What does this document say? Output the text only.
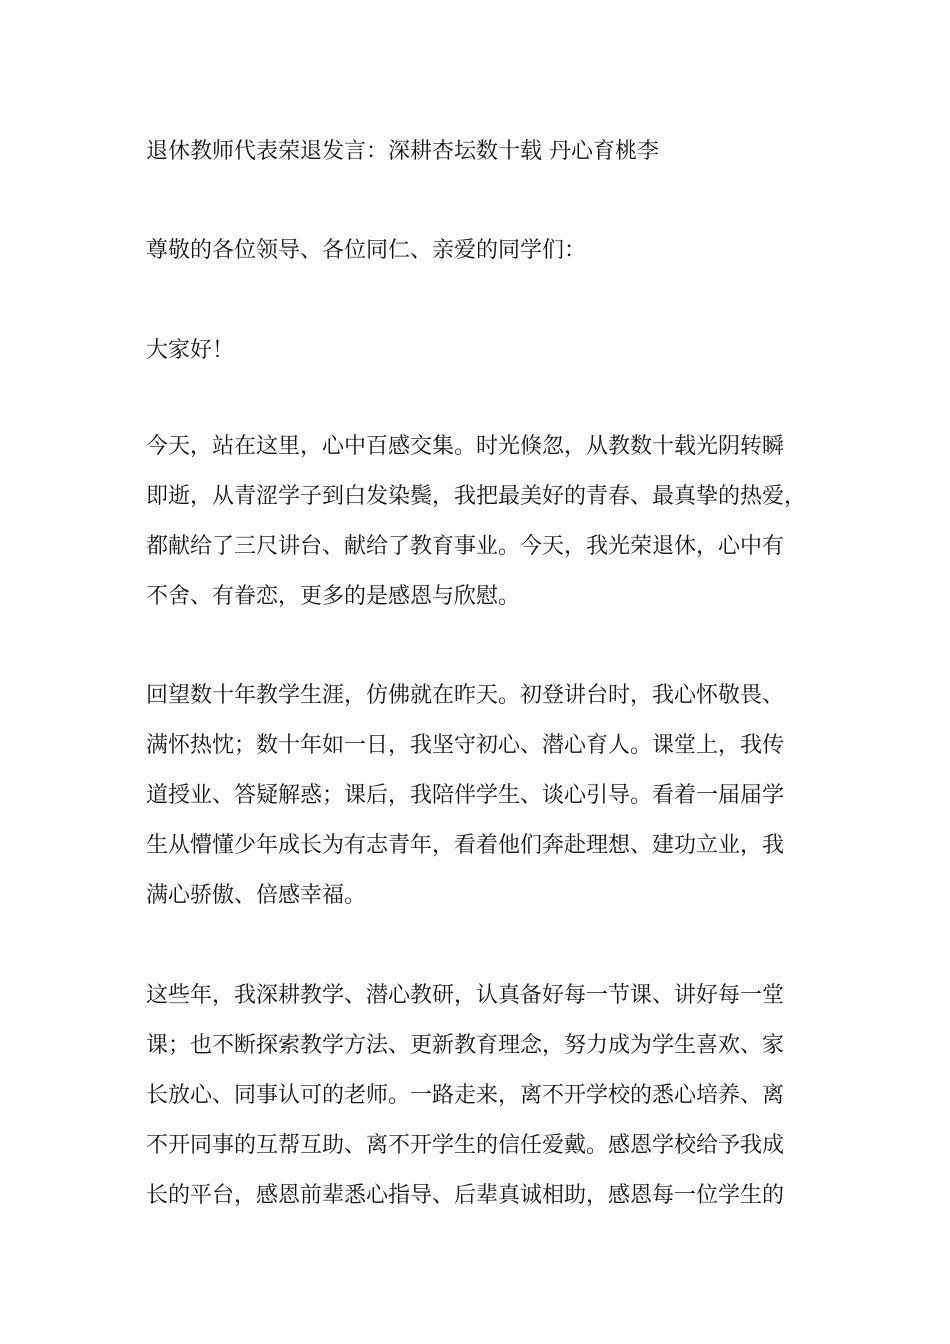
退休教师代表荣退发言：深耕杏坛数十载 丹心育桃李
尊敬的各位领导、各位同仁、亲爱的同学们：
大家好！
今天，站在这里，心中百感交集。时光倏忽，从教数十载光阴转瞬
即逝，从青涩学子到白发染鬓，我把最美好的青春、最真挚的热爱，
都献给了三尺讲台、献给了教育事业。今天，我光荣退休，心中有
不舍、有眷恋，更多的是感恩与欣慰。
回望数十年教学生涯，仿佛就在昨天。初登讲台时，我心怀敬畏、
满怀热忱；数十年如一日，我坚守初心、潜心育人。课堂上，我传
道授业、答疑解惑；课后，我陪伴学生、谈心引导。看着一届届学
生从懵懂少年成长为有志青年，看着他们奔赴理想、建功立业，我
满心骄傲、倍感幸福。
这些年，我深耕教学、潜心教研，认真备好每一节课、讲好每一堂
课；也不断探索教学方法、更新教育理念，努力成为学生喜欢、家
长放心、同事认可的老师。一路走来，离不开学校的悉心培养、离
不开同事的互帮互助、离不开学生的信任爱戴。感恩学校给予我成
长的平台，感恩前辈悉心指导、后辈真诚相助，感恩每一位学生的
